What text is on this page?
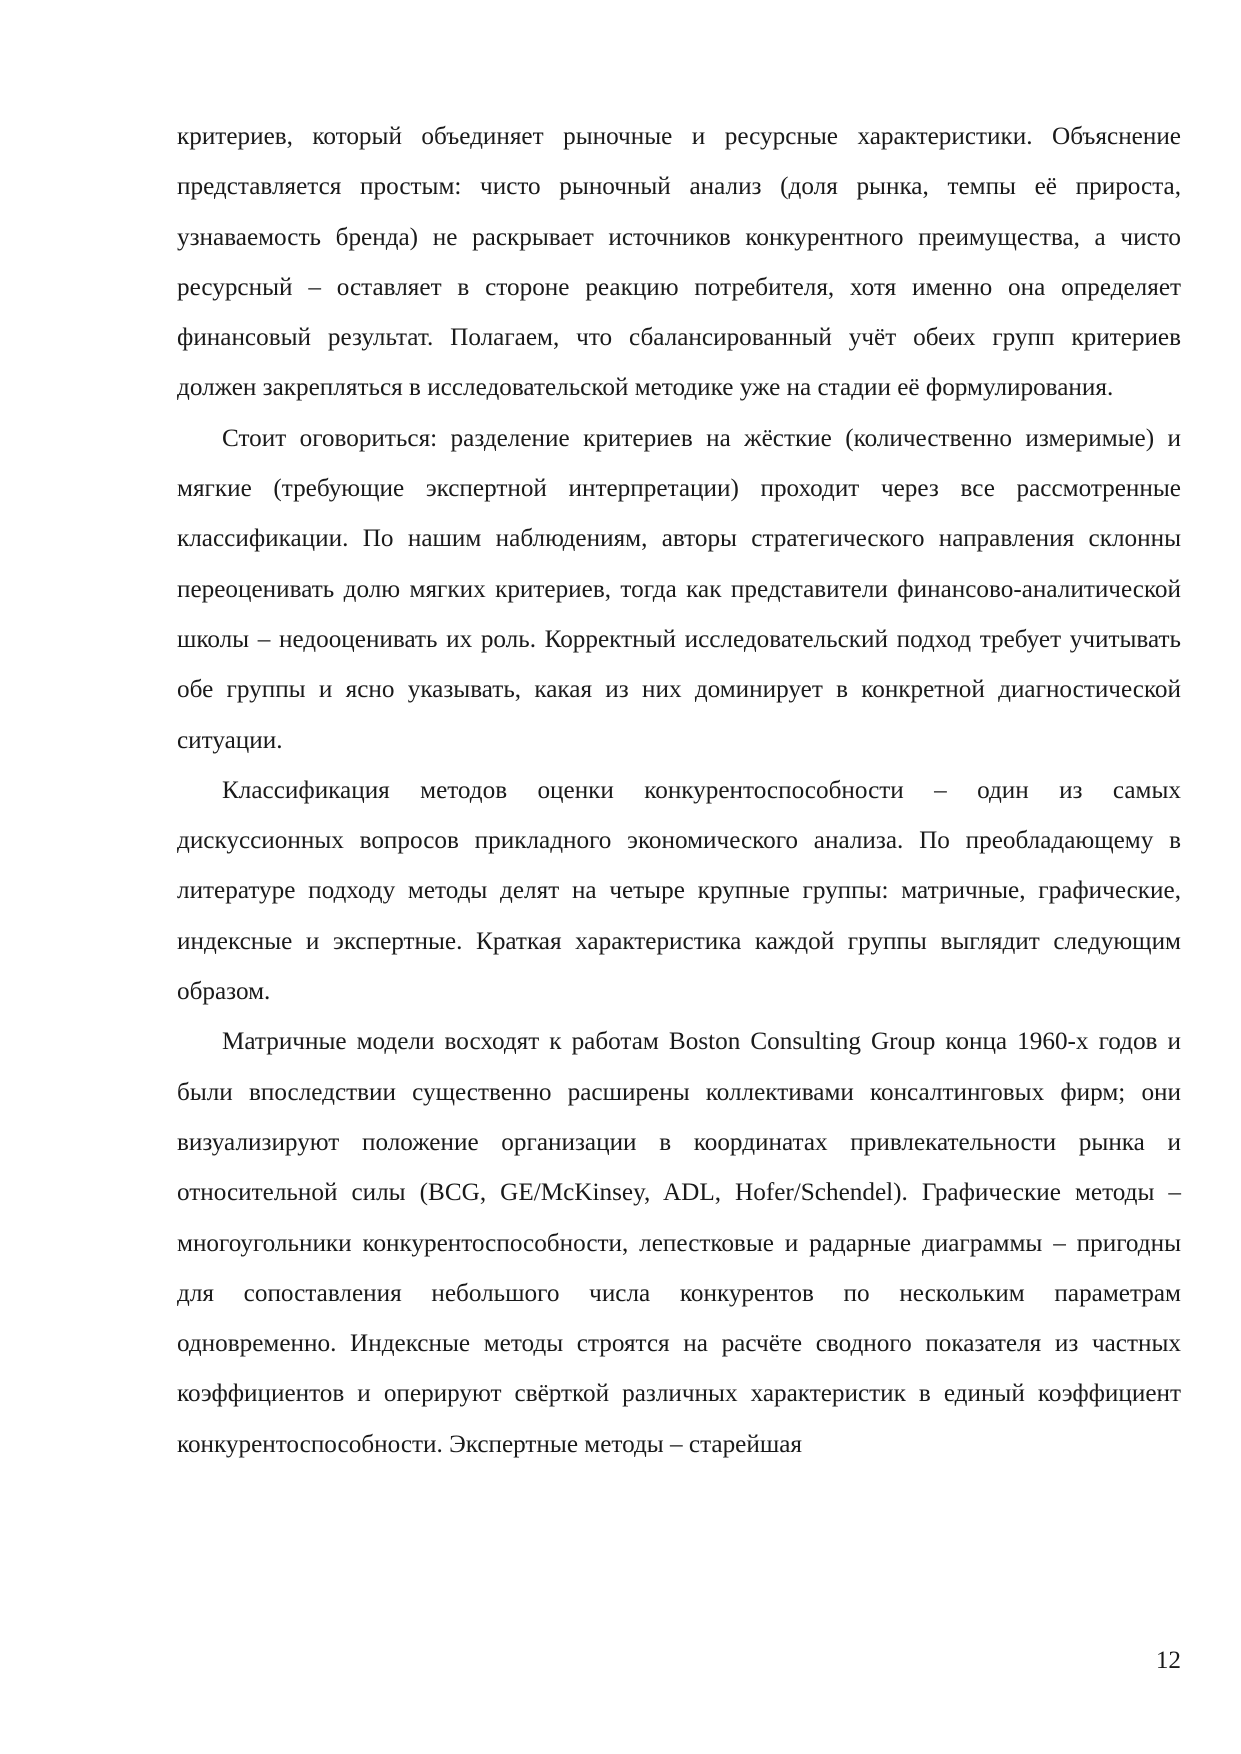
критериев, который объединяет рыночные и ресурсные характеристики. Объяснение представляется простым: чисто рыночный анализ (доля рынка, темпы её прироста, узнаваемость бренда) не раскрывает источников конкурентного преимущества, а чисто ресурсный – оставляет в стороне реакцию потребителя, хотя именно она определяет финансовый результат. Полагаем, что сбалансированный учёт обеих групп критериев должен закрепляться в исследовательской методике уже на стадии её формулирования.

Стоит оговориться: разделение критериев на жёсткие (количественно измеримые) и мягкие (требующие экспертной интерпретации) проходит через все рассмотренные классификации. По нашим наблюдениям, авторы стратегического направления склонны переоценивать долю мягких критериев, тогда как представители финансово-аналитической школы – недооценивать их роль. Корректный исследовательский подход требует учитывать обе группы и ясно указывать, какая из них доминирует в конкретной диагностической ситуации.

Классификация методов оценки конкурентоспособности – один из самых дискуссионных вопросов прикладного экономического анализа. По преобладающему в литературе подходу методы делят на четыре крупные группы: матричные, графические, индексные и экспертные. Краткая характеристика каждой группы выглядит следующим образом.

Матричные модели восходят к работам Boston Consulting Group конца 1960-х годов и были впоследствии существенно расширены коллективами консалтинговых фирм; они визуализируют положение организации в координатах привлекательности рынка и относительной силы (BCG, GE/McKinsey, ADL, Hofer/Schendel). Графические методы – многоугольники конкурентоспособности, лепестковые и радарные диаграммы – пригодны для сопоставления небольшого числа конкурентов по нескольким параметрам одновременно. Индексные методы строятся на расчёте сводного показателя из частных коэффициентов и оперируют свёрткой различных характеристик в единый коэффициент конкурентоспособности. Экспертные методы – старейшая

12
